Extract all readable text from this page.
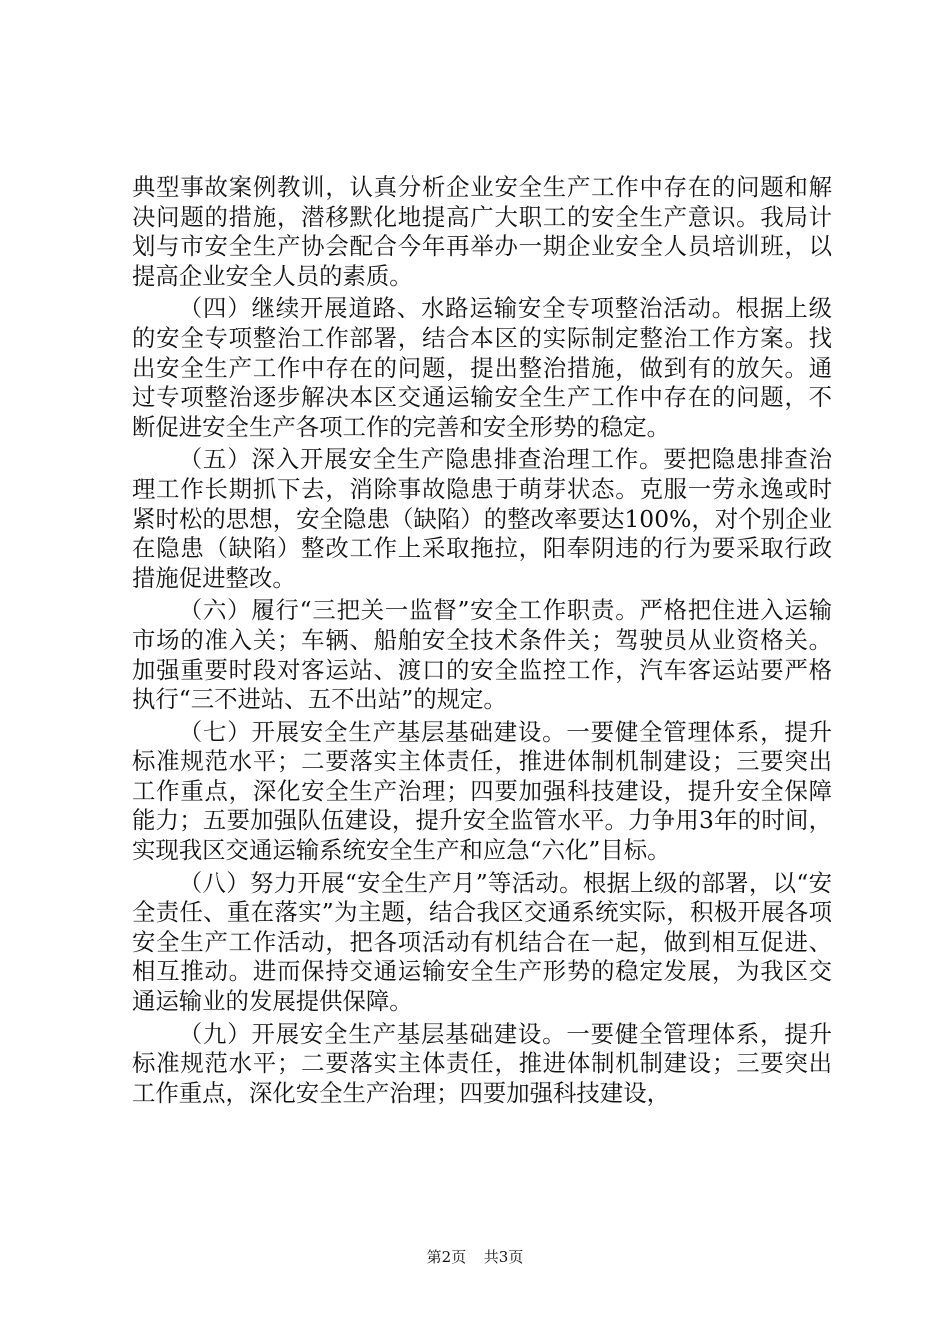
典型事故案例教训，认真分析企业安全生产工作中存在的问题和解决问题的措施，潜移默化地提高广大职工的安全生产意识。我局计划与市安全生产协会配合今年再举办一期企业安全人员培训班，以提高企业安全人员的素质。

（四）继续开展道路、水路运输安全专项整治活动。根据上级的安全专项整治工作部署，结合本区的实际制定整治工作方案。找出安全生产工作中存在的问题，提出整治措施，做到有的放矢。通过专项整治逐步解决本区交通运输安全生产工作中存在的问题，不断促进安全生产各项工作的完善和安全形势的稳定。

（五）深入开展安全生产隐患排查治理工作。要把隐患排查治理工作长期抓下去，消除事故隐患于萌芽状态。克服一劳永逸或时紧时松的思想，安全隐患（缺陷）的整改率要达100%，对个别企业在隐患（缺陷）整改工作上采取拖拉，阳奉阴违的行为要采取行政措施促进整改。

（六）履行“三把关一监督”安全工作职责。严格把住进入运输市场的准入关；车辆、船舶安全技术条件关；驾驶员从业资格关。加强重要时段对客运站、渡口的安全监控工作，汽车客运站要严格执行“三不进站、五不出站”的规定。

（七）开展安全生产基层基础建设。一要健全管理体系，提升标准规范水平；二要落实主体责任，推进体制机制建设；三要突出工作重点，深化安全生产治理；四要加强科技建设，提升安全保障能力；五要加强队伍建设，提升安全监管水平。力争用3年的时间，实现我区交通运输系统安全生产和应急“六化”目标。

（八）努力开展“安全生产月”等活动。根据上级的部署，以“安全责任、重在落实”为主题，结合我区交通系统实际，积极开展各项安全生产工作活动，把各项活动有机结合在一起，做到相互促进、相互推动。进而保持交通运输安全生产形势的稳定发展，为我区交通运输业的发展提供保障。

（九）开展安全生产基层基础建设。一要健全管理体系，提升标准规范水平；二要落实主体责任，推进体制机制建设；三要突出工作重点，深化安全生产治理；四要加强科技建设，

第2页 共3页
